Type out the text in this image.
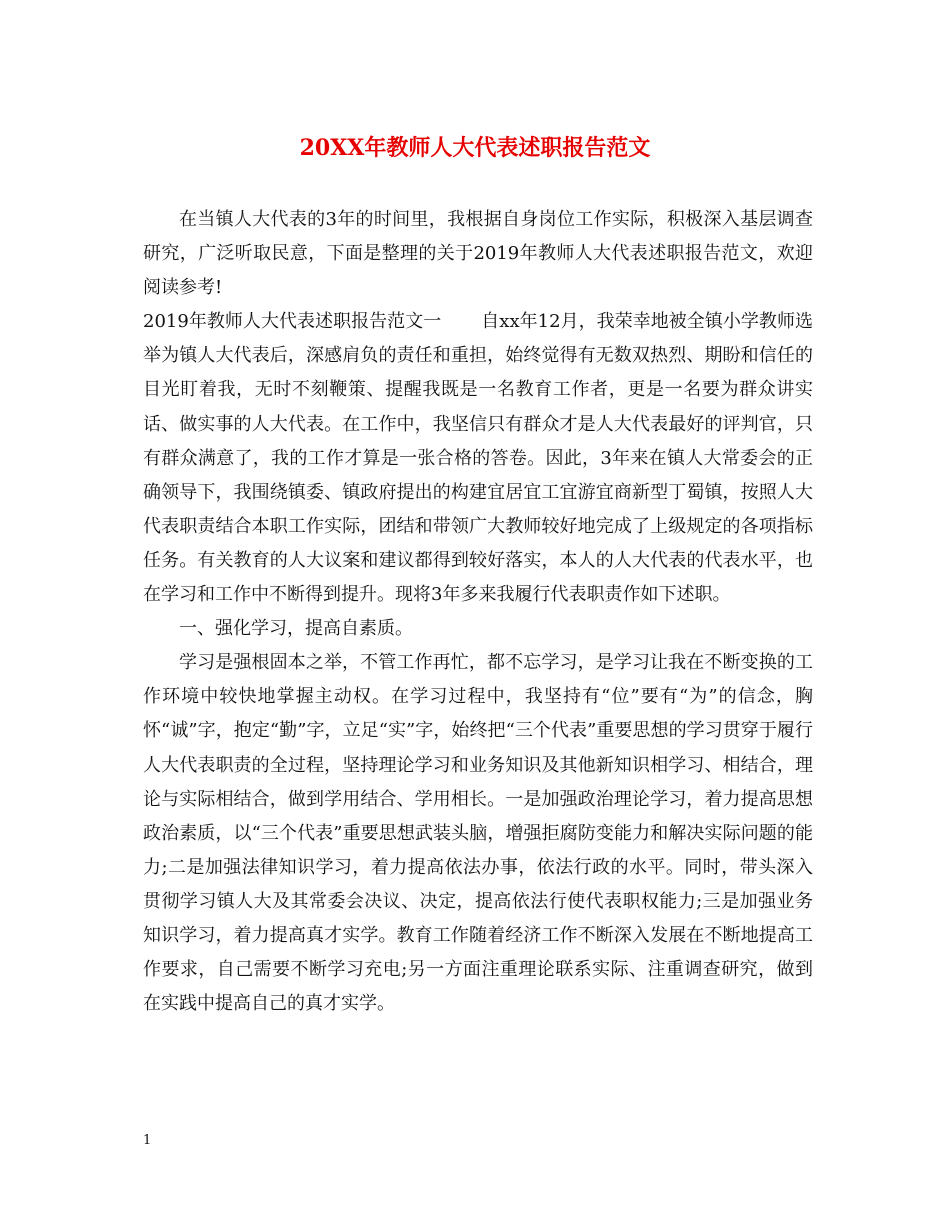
20XX年教师人大代表述职报告范文

在当镇人大代表的3年的时间里，我根据自身岗位工作实际，积极深入基层调查研究，广泛听取民意，下面是整理的关于2019年教师人大代表述职报告范文，欢迎阅读参考!

2019年教师人大代表述职报告范文一 自xx年12月，我荣幸地被全镇小学教师选举为镇人大代表后，深感肩负的责任和重担，始终觉得有无数双热烈、期盼和信任的目光盯着我，无时不刻鞭策、提醒我既是一名教育工作者，更是一名要为群众讲实话、做实事的人大代表。在工作中，我坚信只有群众才是人大代表最好的评判官，只有群众满意了，我的工作才算是一张合格的答卷。因此，3年来在镇人大常委会的正确领导下，我围绕镇委、镇政府提出的构建宜居宜工宜游宜商新型丁蜀镇，按照人大代表职责结合本职工作实际，团结和带领广大教师较好地完成了上级规定的各项指标任务。有关教育的人大议案和建议都得到较好落实，本人的人大代表的代表水平，也在学习和工作中不断得到提升。现将3年多来我履行代表职责作如下述职。

一、强化学习，提高自素质。

学习是强根固本之举，不管工作再忙，都不忘学习，是学习让我在不断变换的工作环境中较快地掌握主动权。在学习过程中，我坚持有“位”要有“为”的信念，胸怀“诚”字，抱定“勤”字，立足“实”字，始终把“三个代表”重要思想的学习贯穿于履行人大代表职责的全过程，坚持理论学习和业务知识及其他新知识相学习、相结合，理论与实际相结合，做到学用结合、学用相长。一是加强政治理论学习，着力提高思想政治素质，以“三个代表”重要思想武装头脑，增强拒腐防变能力和解决实际问题的能力;二是加强法律知识学习，着力提高依法办事，依法行政的水平。同时，带头深入贯彻学习镇人大及其常委会决议、决定，提高依法行使代表职权能力;三是加强业务知识学习，着力提高真才实学。教育工作随着经济工作不断深入发展在不断地提高工作要求，自己需要不断学习充电;另一方面注重理论联系实际、注重调查研究，做到在实践中提高自己的真才实学。

1
